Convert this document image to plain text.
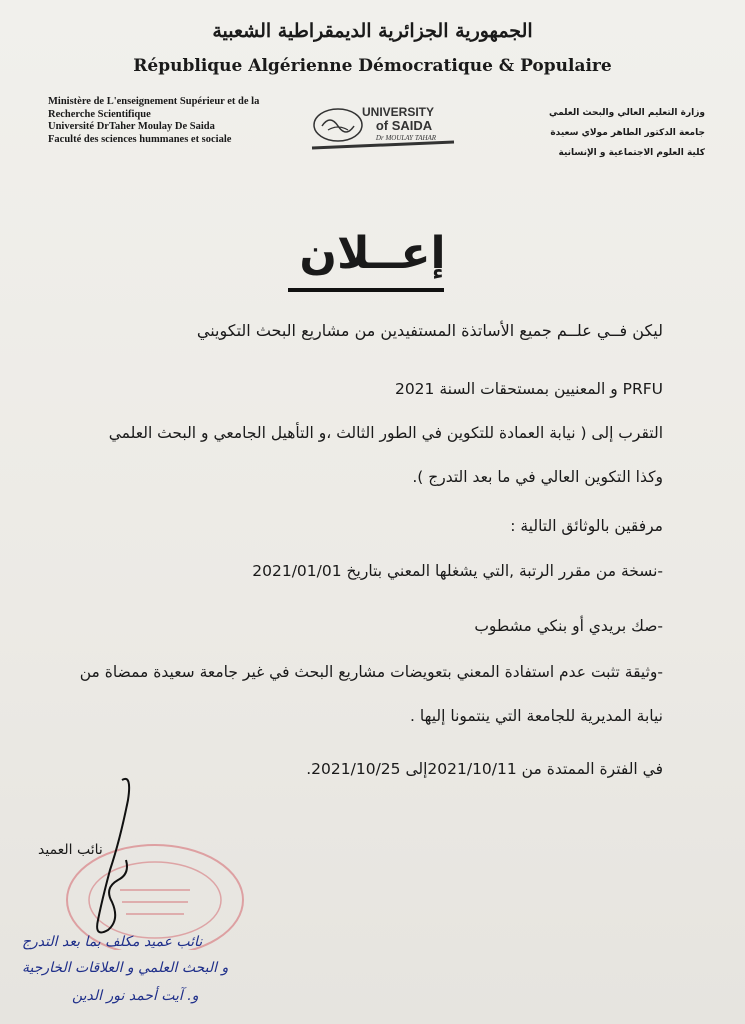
الجمهورية الجزائرية الديمقراطية الشعبية
République Algérienne Démocratique & Populaire
Ministère de L'enseignement Supérieur et de la
Recherche Scientifique
Université DrTaher Moulay De Saida
Faculté des sciences hummanes et sociale
UNIVERSITY
of SAIDA
Dr MOULAY TAHAR
وزارة التعليم العالي والبحث العلمي
جامعة الدكتور الطاهر مولاي سعيدة
كلية العلوم الاجتماعية و الإنسانية
إعــلان
ليكن فــي علــم جميع الأساتذة المستفيدين من مشاريع البحث التكويني
PRFU و المعنيين بمستحقات السنة 2021
التقرب إلى ( نيابة العمادة للتكوين في الطور الثالث ،و التأهيل الجامعي و البحث العلمي
وكذا التكوين العالي في ما بعد التدرج ).
مرفقين بالوثائق التالية :
-نسخة من مقرر الرتبة ,التي يشغلها المعني بتاريخ 2021/01/01
-صك بريدي أو بنكي مشطوب
-وثيقة تثبت عدم استفادة المعني بتعويضات مشاريع البحث في غير جامعة سعيدة ممضاة من
نيابة المديرية للجامعة التي ينتمونا إليها .
في الفترة الممتدة من 2021/10/11إلى 2021/10/25.
نائب العميد
نائب عميد مكلف بما بعد التدرج
و البحث العلمي و العلاقات الخارجية
و. آيت أحمد نور الدين
